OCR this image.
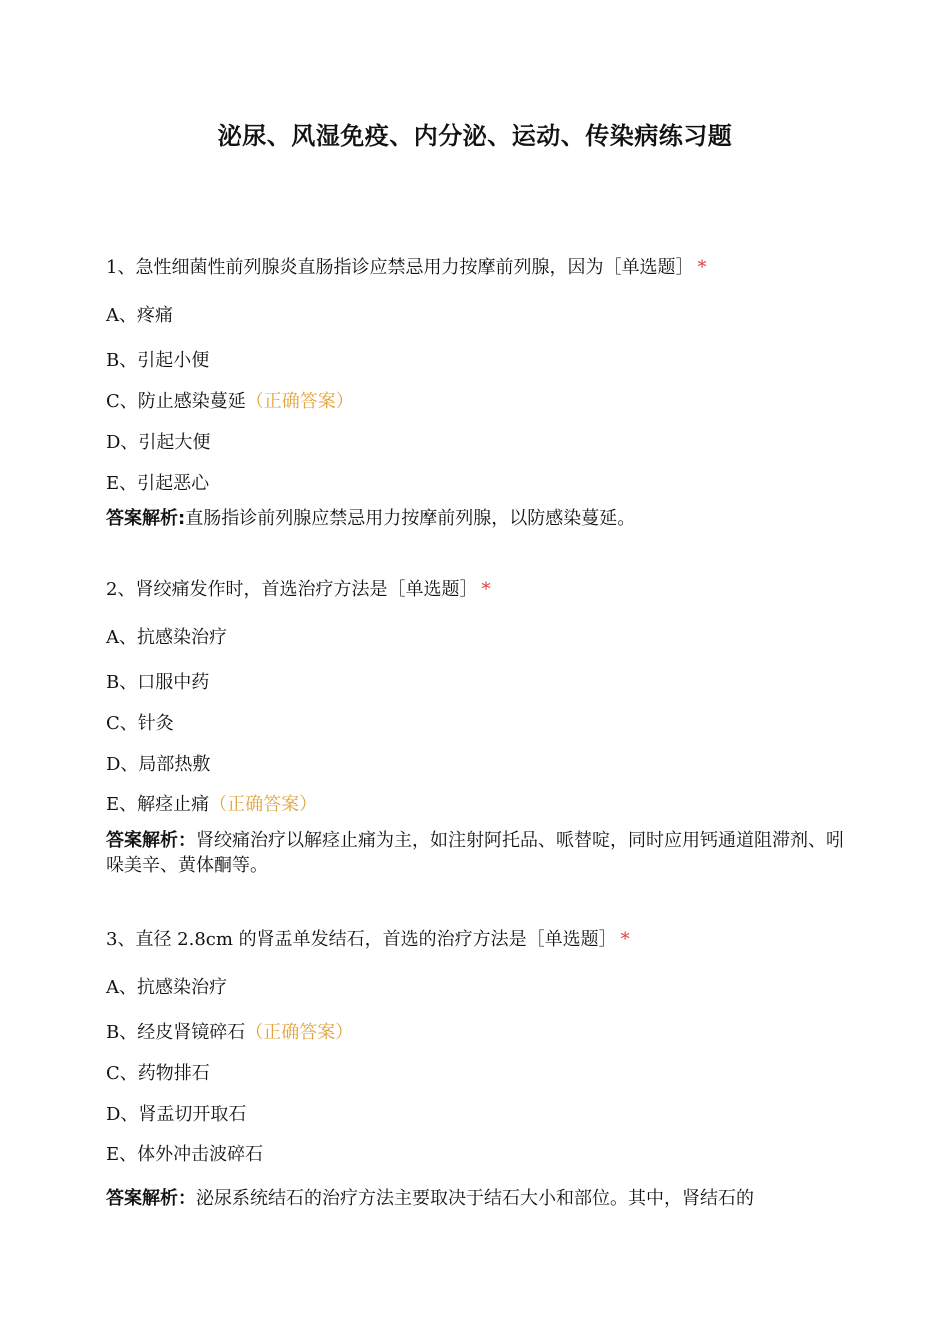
泌尿、风湿免疫、内分泌、运动、传染病练习题
1、急性细菌性前列腺炎直肠指诊应禁忌用力按摩前列腺，因为［单选题］ *
A、疼痛
B、引起小便
C、防止感染蔓延（正确答案）
D、引起大便
E、引起恶心
答案解析:直肠指诊前列腺应禁忌用力按摩前列腺，以防感染蔓延。
2、肾绞痛发作时，首选治疗方法是［单选题］ *
A、抗感染治疗
B、口服中药
C、针灸
D、局部热敷
E、解痉止痛（正确答案）
答案解析：肾绞痛治疗以解痉止痛为主，如注射阿托品、哌替啶，同时应用钙通道阻滞剂、吲哚美辛、黄体酮等。
3、直径 2.8cm 的肾盂单发结石，首选的治疗方法是［单选题］ *
A、抗感染治疗
B、经皮肾镜碎石（正确答案）
C、药物排石
D、肾盂切开取石
E、体外冲击波碎石
答案解析：泌尿系统结石的治疗方法主要取决于结石大小和部位。其中，肾结石的
